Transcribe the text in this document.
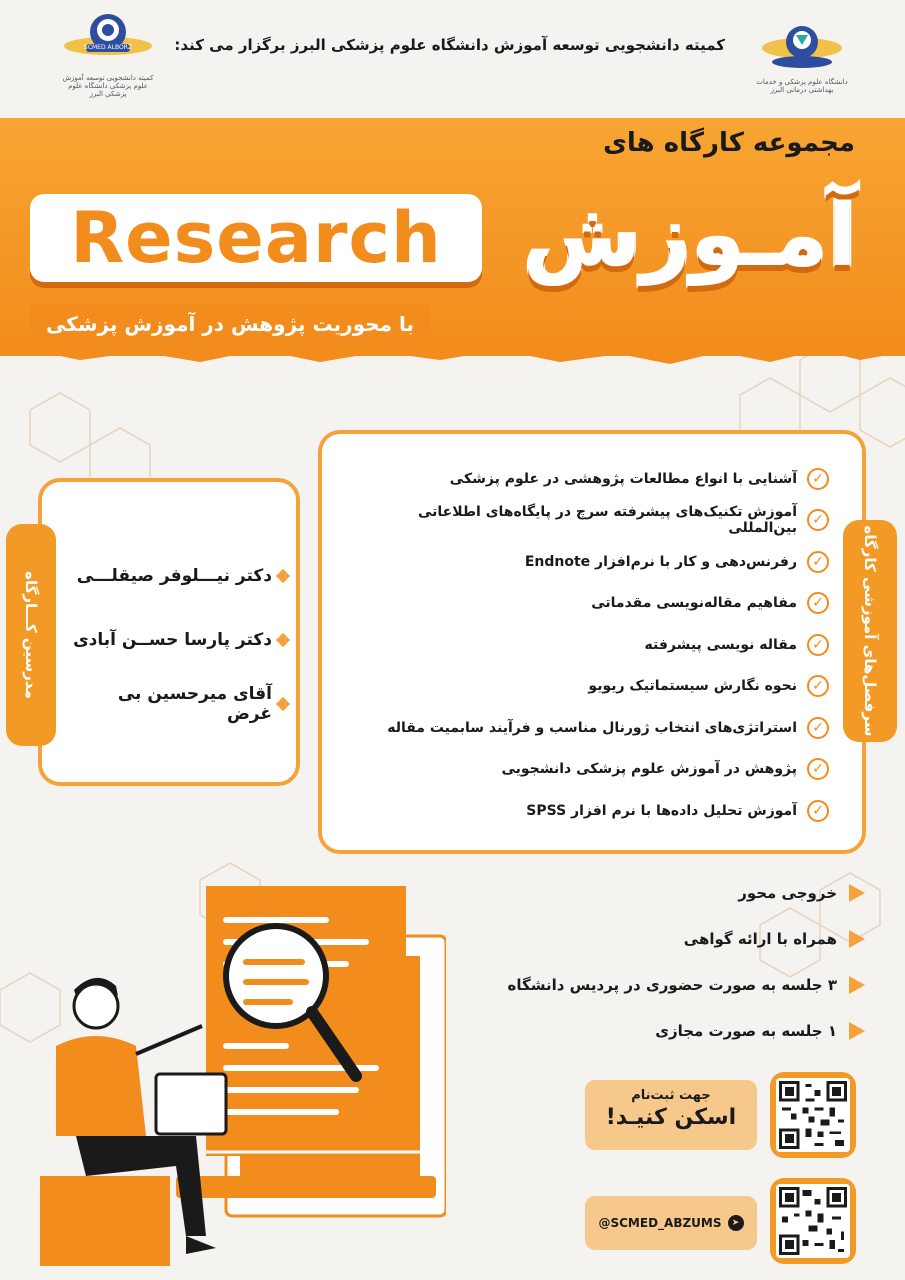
دانشگاه علوم پزشکی و خدمات بهداشتی درمانی البرز
کمیته دانشجویی توسعه آموزش دانشگاه علوم پزشکی البرز برگزار می کند:
SCMED ALBORZ
کمیته دانشجویی توسعه آموزش علوم پزشکی دانشگاه علوم پزشکی البرز
مجموعه کارگاه های
Research آمـوزش
با محوریت پژوهش در آموزش پزشکی
سرفصل‌های آموزشی کارگاه
✓
آشنایی با انواع مطالعات پژوهشی در علوم پزشکی
✓
آموزش تکنیک‌های پیشرفته سرچ در پایگاه‌های اطلاعاتی بین‌المللی
✓
رفرنس‌دهی و کار با نرم‌افزار Endnote
✓
مفاهیم مقاله‌نویسی مقدماتی
✓
مقاله نویسی پیشرفته
✓
نحوه نگارش سیستماتیک ریویو
✓
استراتژی‌های انتخاب ژورنال مناسب و فرآیند سابمیت مقاله
✓
پژوهش در آموزش علوم پزشکی دانشجویی
✓
آموزش تحلیل داده‌ها با نرم افزار SPSS
مدرسین کـــارگاه دکتر نیـــلوفر صیقلـــی
دکتر پارسا حســن آبادی
آقای میرحسین بی غرض
خروجی محور
همراه با ارائه گواهی
۳ جلسه به صورت حضوری در پردیس دانشگاه
۱ جلسه به صورت مجازی
جهت ثبت‌نام
اسکن کنیـد!
@SCMED_ABZUMS	➤
